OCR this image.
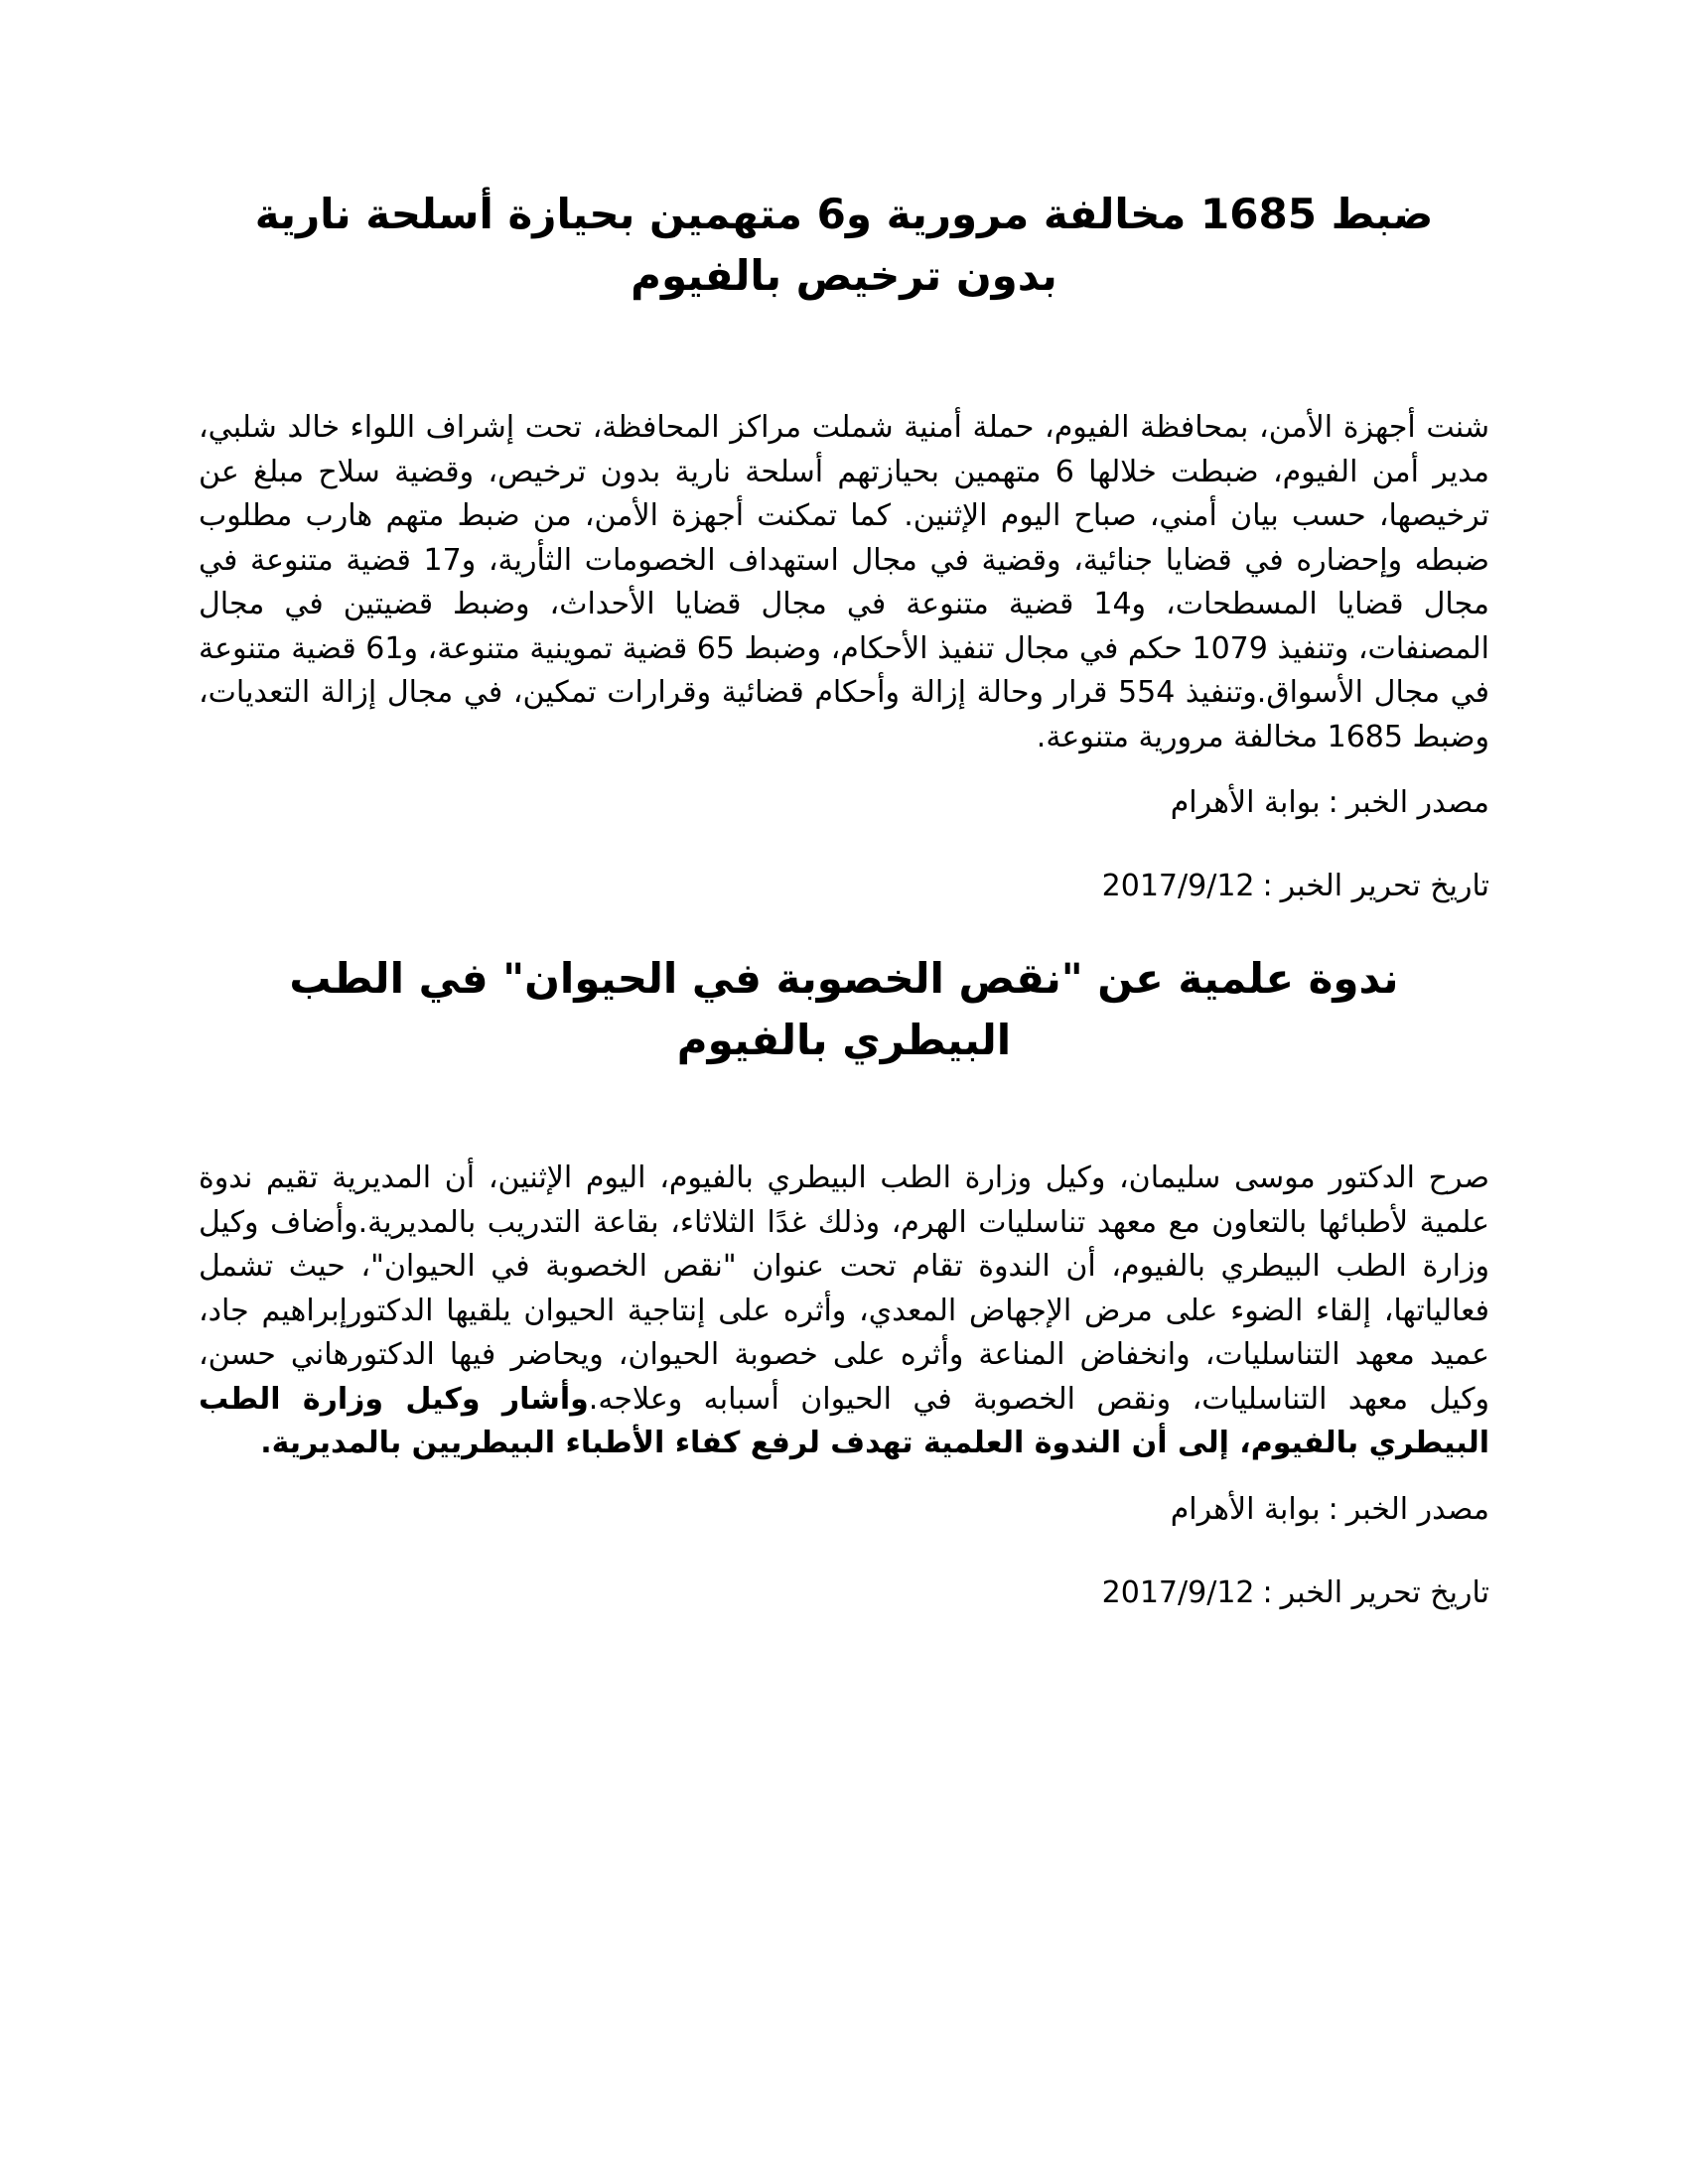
ضبط 1685 مخالفة مرورية و6 متهمين بحيازة أسلحة نارية بدون ترخيص بالفيوم

شنت أجهزة الأمن، بمحافظة الفيوم، حملة أمنية شملت مراكز المحافظة، تحت إشراف اللواء خالد شلبي، مدير أمن الفيوم، ضبطت خلالها 6 متهمين بحيازتهم أسلحة نارية بدون ترخيص، وقضية سلاح مبلغ عن ترخيصها، حسب بيان أمني، صباح اليوم الإثنين. كما تمكنت أجهزة الأمن، من ضبط متهم هارب مطلوب ضبطه وإحضاره في قضايا جنائية، وقضية في مجال استهداف الخصومات الثأرية، و17 قضية متنوعة في مجال قضايا المسطحات، و14 قضية متنوعة في مجال قضايا الأحداث، وضبط قضيتين في مجال المصنفات، وتنفيذ 1079 حكم في مجال تنفيذ الأحكام، وضبط 65 قضية تموينية متنوعة، و61 قضية متنوعة في مجال الأسواق.وتنفيذ 554 قرار وحالة إزالة وأحكام قضائية وقرارات تمكين، في مجال إزالة التعديات، وضبط 1685 مخالفة مرورية متنوعة.

مصدر الخبر:بوابة الأهرام

تاريخ تحرير الخبر:2017/9/12

ندوة علمية عن "نقص الخصوبة في الحيوان" في الطب البيطري بالفيوم

صرح الدكتور موسى سليمان، وكيل وزارة الطب البيطري بالفيوم، اليوم الإثنين، أن المديرية تقيم ندوة علمية لأطبائها بالتعاون مع معهد تناسليات الهرم، وذلك غدًا الثلاثاء، بقاعة التدريب بالمديرية.وأضاف وكيل وزارة الطب البيطري بالفيوم، أن الندوة تقام تحت عنوان "نقص الخصوبة في الحيوان"، حيث تشمل فعالياتها، إلقاء الضوء على مرض الإجهاض المعدي، وأثره على إنتاجية الحيوان يلقيها الدكتورإبراهيم جاد، عميد معهد التناسليات، وانخفاض المناعة وأثره على خصوبة الحيوان، ويحاضر فيها الدكتورهاني حسن، وكيل معهد التناسليات، ونقص الخصوبة في الحيوان أسبابه وعلاجه.وأشار وكيل وزارة الطب البيطري بالفيوم، إلى أن الندوة العلمية تهدف لرفع كفاء الأطباء البيطريين بالمديرية.

مصدر الخبر:بوابة الأهرام

تاريخ تحرير الخبر:2017/9/12
